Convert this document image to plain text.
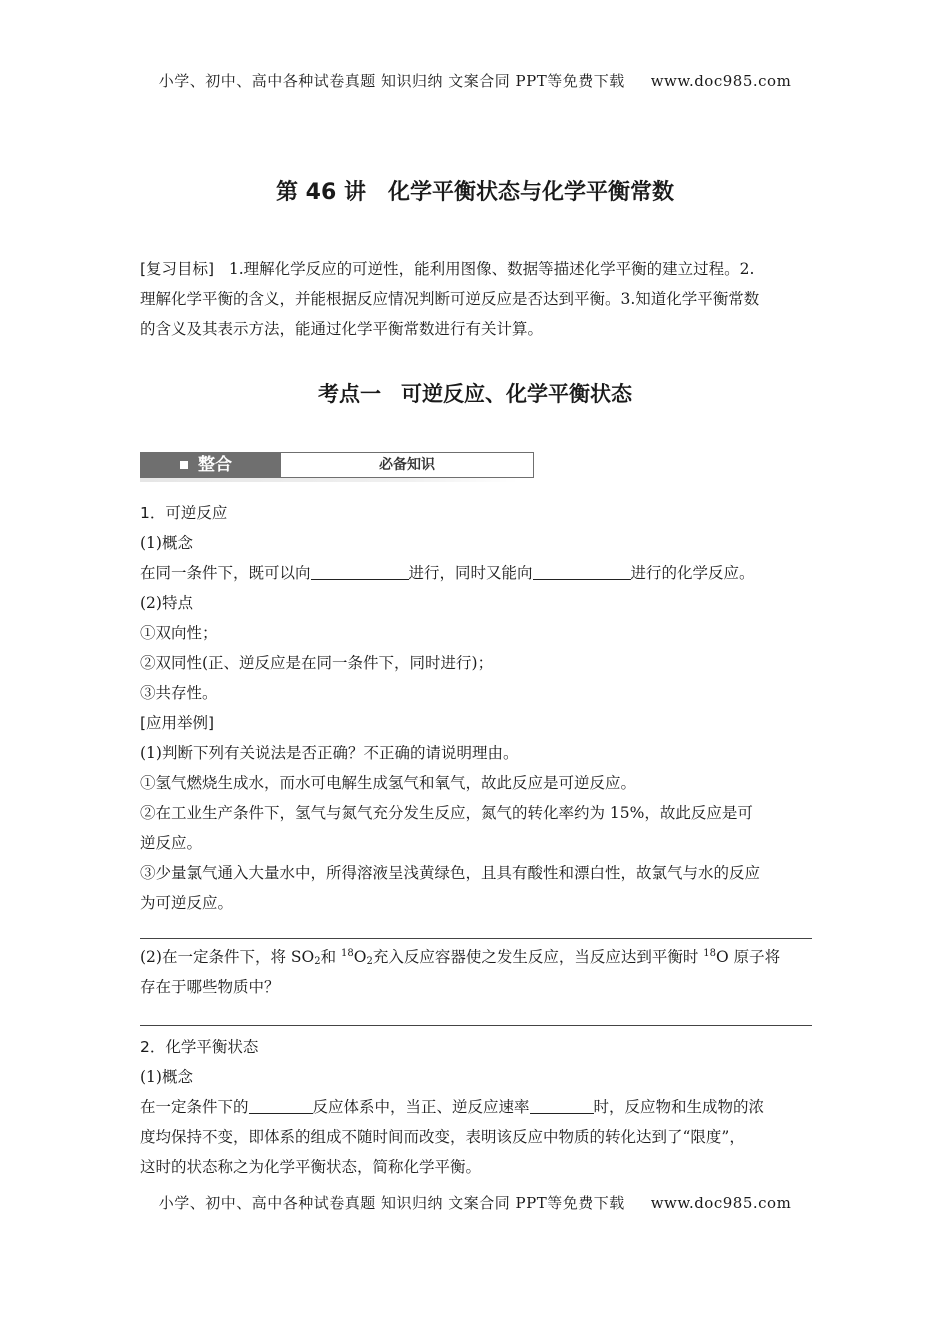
小学、初中、高中各种试卷真题 知识归纳 文案合同 PPT等免费下载 www.doc985.com
第 46 讲 化学平衡状态与化学平衡常数
[复习目标] 1.理解化学反应的可逆性，能利用图像、数据等描述化学平衡的建立过程。2.
理解化学平衡的含义，并能根据反应情况判断可逆反应是否达到平衡。3.知道化学平衡常数
的含义及其表示方法，能通过化学平衡常数进行有关计算。
考点一 可逆反应、化学平衡状态
整合	必备知识
1．可逆反应
(1)概念
在同一条件下，既可以向	进行，同时又能向	进行的化学反应。
(2)特点
①双向性；
②双同性(正、逆反应是在同一条件下，同时进行)；
③共存性。
[应用举例]
(1)判断下列有关说法是否正确？不正确的请说明理由。
①氢气燃烧生成水，而水可电解生成氢气和氧气，故此反应是可逆反应。
②在工业生产条件下，氢气与氮气充分发生反应，氮气的转化率约为 15%，故此反应是可
逆反应。
③少量氯气通入大量水中，所得溶液呈浅黄绿色，且具有酸性和漂白性，故氯气与水的反应
为可逆反应。
(2)在一定条件下，将 $SO_2$和 $^{18}O_2$充入反应容器使之发生反应，当反应达到平衡时 $^{18}$O 原子将
存在于哪些物质中？
2．化学平衡状态
(1)概念
在一定条件下的	反应体系中，当正、逆反应速率	时，反应物和生成物的浓
度均保持不变，即体系的组成不随时间而改变，表明该反应中物质的转化达到了“限度”，
这时的状态称之为化学平衡状态，简称化学平衡。
小学、初中、高中各种试卷真题 知识归纳 文案合同 PPT等免费下载 www.doc985.com
